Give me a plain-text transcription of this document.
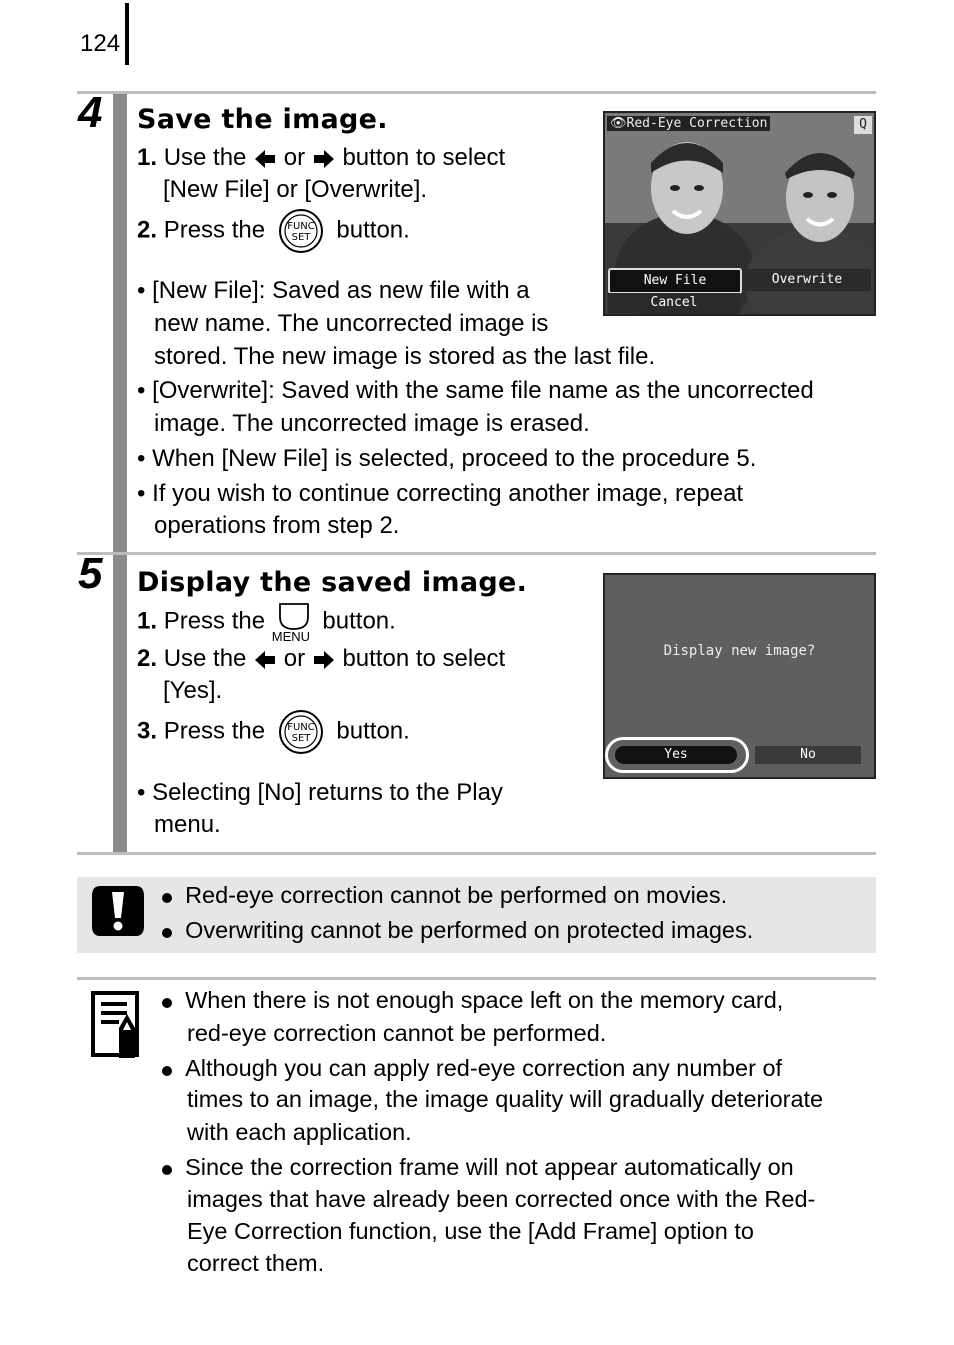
124
4 Save the image.
1. Use the or button to select
[New File] or [Overwrite].
2. Press the FUNC
SET button.
👁Red-Eye Correction	Q
New File	Overwrite
Cancel
• [New File]: Saved as new file with a
new name. The uncorrected image is
stored. The new image is stored as the last file.
• [Overwrite]: Saved with the same file name as the uncorrected
image. The uncorrected image is erased.
• When [New File] is selected, proceed to the procedure 5.
• If you wish to continue correcting another image, repeat
operations from step 2.
5 Display the saved image.
1. Press the
MENU
button.
2. Use the or button to select
[Yes].
3. Press the FUNC
SET button.
Display new image?
Yes	No
• Selecting [No] returns to the Play
menu.
Red-eye correction cannot be performed on movies.
Overwriting cannot be performed on protected images.
When there is not enough space left on the memory card,
red-eye correction cannot be performed.
Although you can apply red-eye correction any number of
times to an image, the image quality will gradually deteriorate
with each application.
Since the correction frame will not appear automatically on
images that have already been corrected once with the Red-
Eye Correction function, use the [Add Frame] option to
correct them.
